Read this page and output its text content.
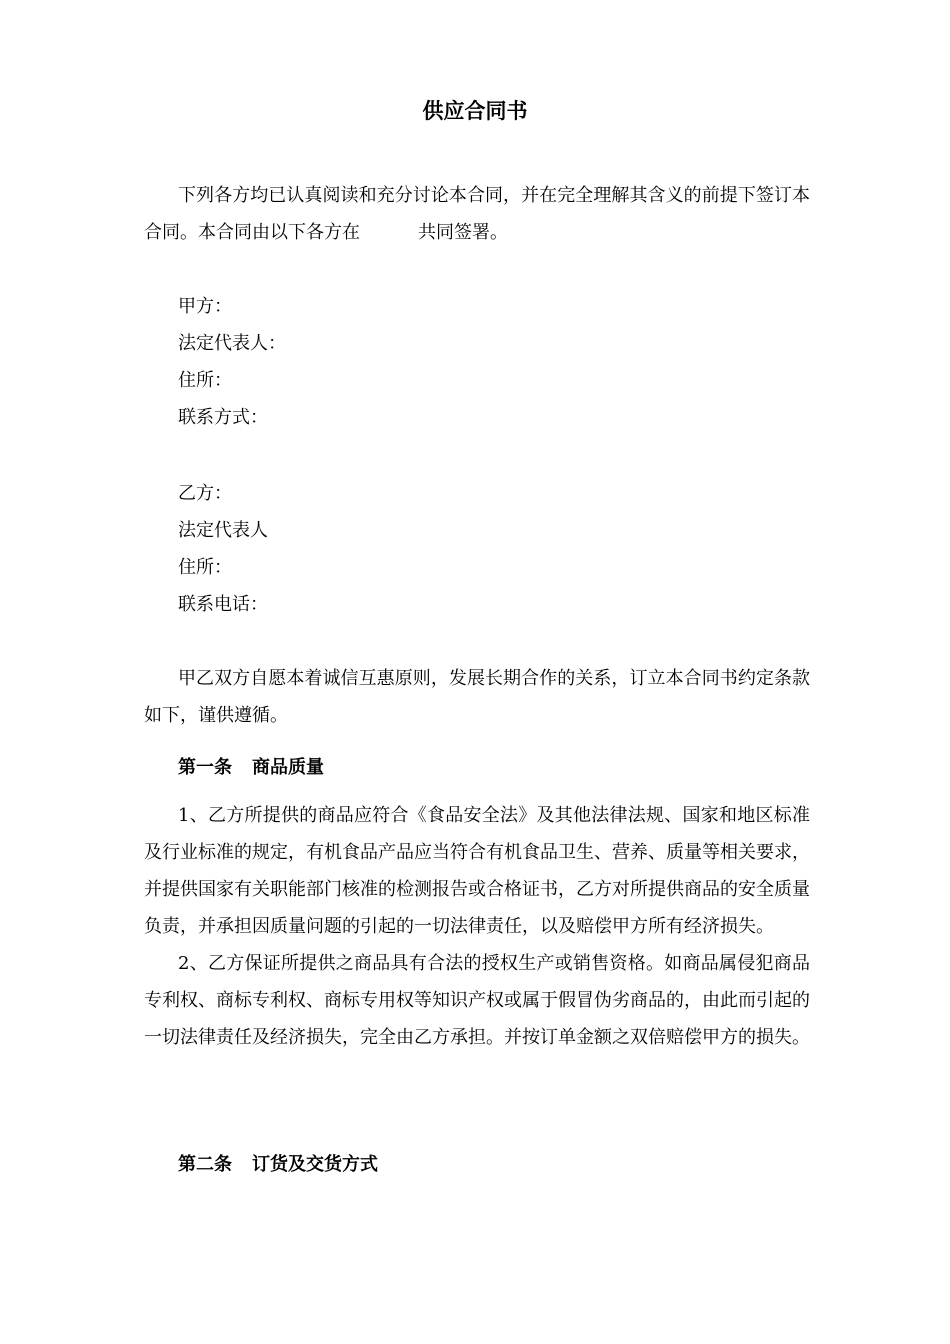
供应合同书

下列各方均已认真阅读和充分讨论本合同，并在完全理解其含义的前提下签订本合同。本合同由以下各方在	共同签署。

甲方：

法定代表人：

住所：

联系方式：

乙方：

法定代表人

住所：

联系电话：

甲乙双方自愿本着诚信互惠原则，发展长期合作的关系，订立本合同书约定条款如下，谨供遵循。

第一条 商品质量

1、乙方所提供的商品应符合《食品安全法》及其他法律法规、国家和地区标准及行业标准的规定，有机食品产品应当符合有机食品卫生、营养、质量等相关要求，并提供国家有关职能部门核准的检测报告或合格证书，乙方对所提供商品的安全质量负责，并承担因质量问题的引起的一切法律责任，以及赔偿甲方所有经济损失。

2、乙方保证所提供之商品具有合法的授权生产或销售资格。如商品属侵犯商品专利权、商标专利权、商标专用权等知识产权或属于假冒伪劣商品的，由此而引起的一切法律责任及经济损失，完全由乙方承担。并按订单金额之双倍赔偿甲方的损失。

第二条 订货及交货方式
